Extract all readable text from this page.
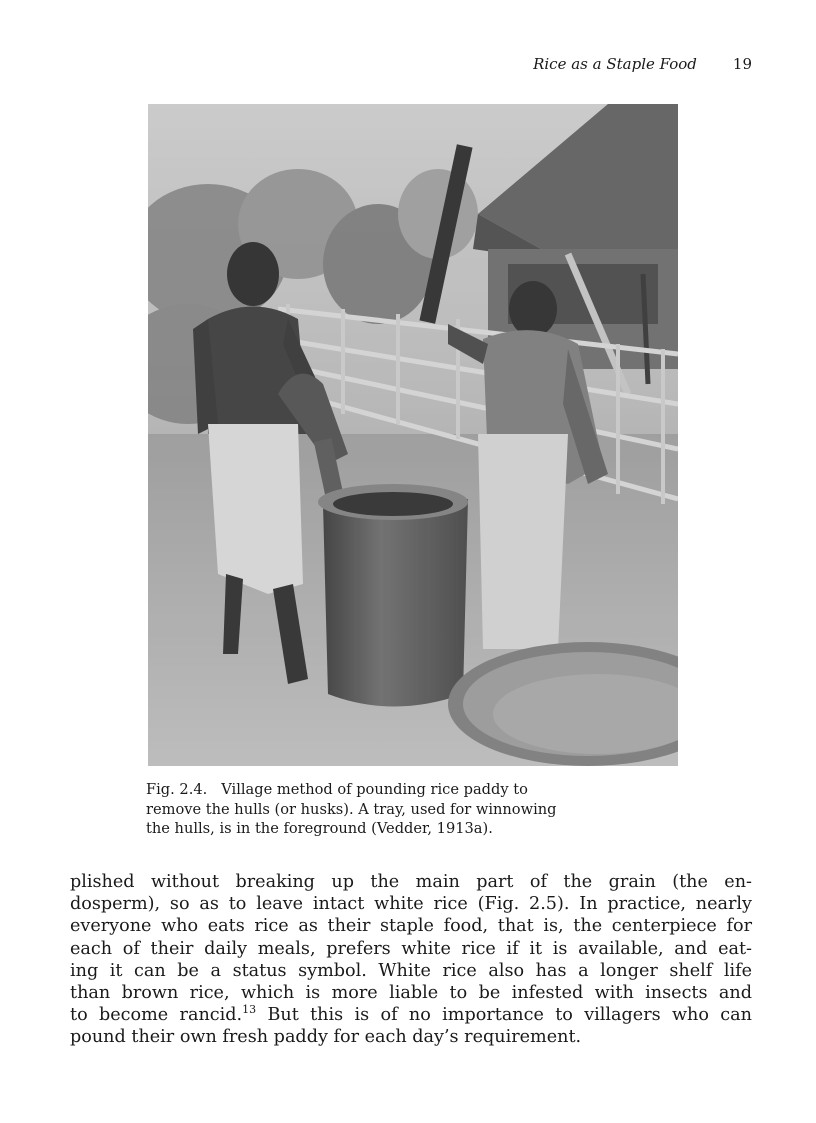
Rice as a Staple Food 19
Fig. 2.4. Village method of pounding rice paddy to
remove the hulls (or husks). A tray, used for winnowing
the hulls, is in the foreground (Vedder, 1913a).
plished without breaking up the main part of the grain (the en-
dosperm), so as to leave intact white rice (Fig. 2.5). In practice, nearly
everyone who eats rice as their staple food, that is, the centerpiece for
each of their daily meals, prefers white rice if it is available, and eat-
ing it can be a status symbol. White rice also has a longer shelf life
than brown rice, which is more liable to be infested with insects and
to become rancid.$^{13}$ But this is of no importance to villagers who can
pound their own fresh paddy for each day’s requirement.
